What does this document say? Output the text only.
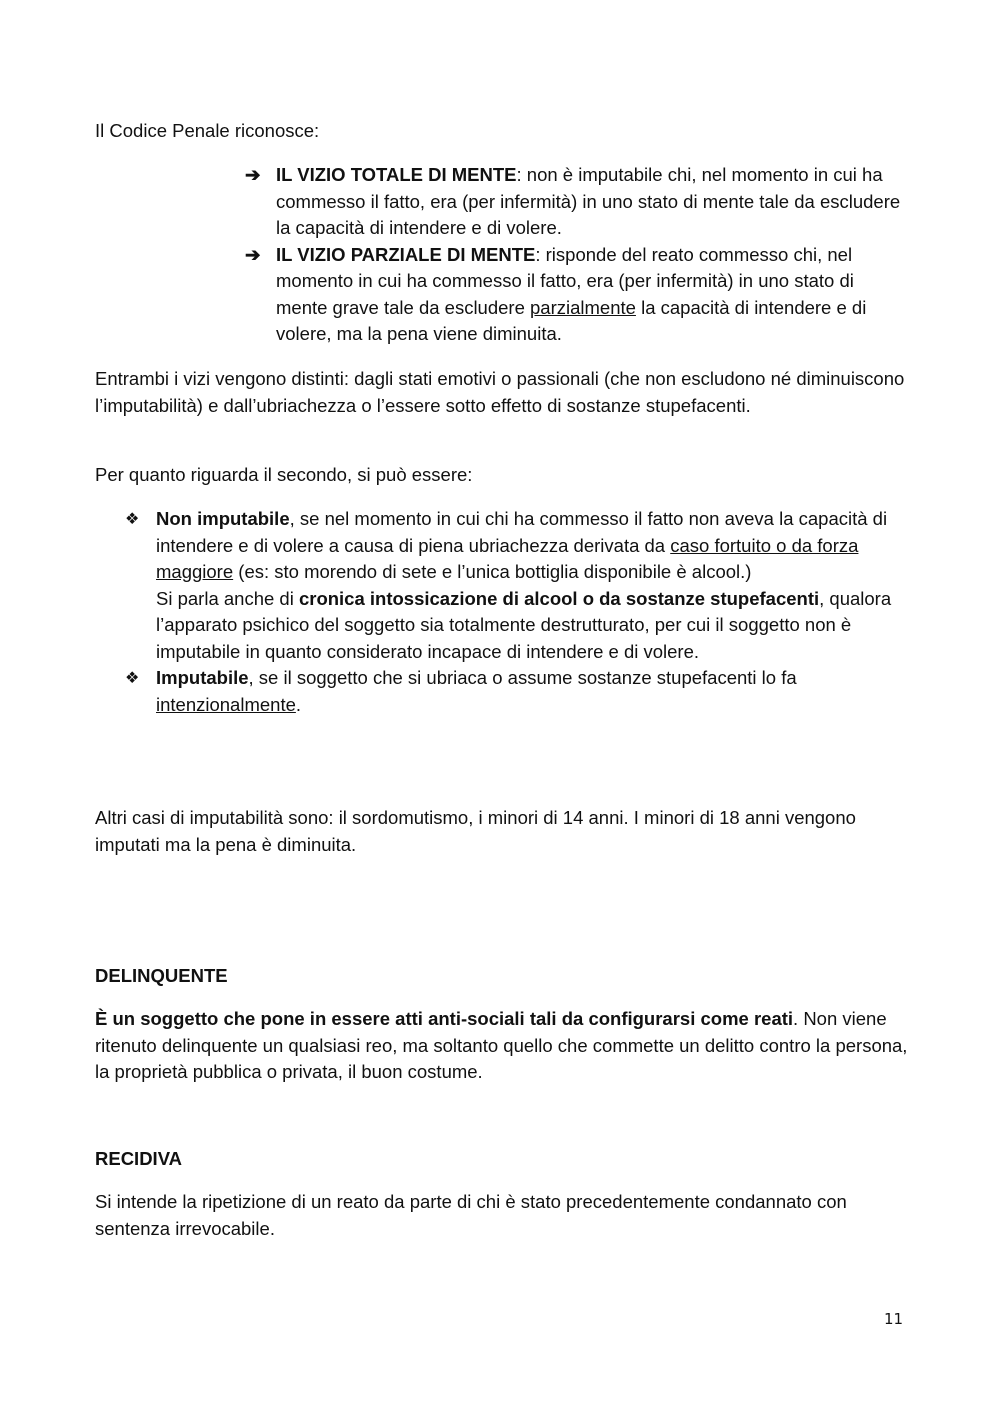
Il Codice Penale riconosce:

➔ IL VIZIO TOTALE DI MENTE: non è imputabile chi, nel momento in cui ha commesso il fatto, era (per infermità) in uno stato di mente tale da escludere la capacità di intendere e di volere.
➔ IL VIZIO PARZIALE DI MENTE: risponde del reato commesso chi, nel momento in cui ha commesso il fatto, era (per infermità) in uno stato di mente grave tale da escludere parzialmente la capacità di intendere e di volere, ma la pena viene diminuita.

Entrambi i vizi vengono distinti: dagli stati emotivi o passionali (che non escludono né diminuiscono l’imputabilità) e dall’ubriachezza o l’essere sotto effetto di sostanze stupefacenti.

Per quanto riguarda il secondo, si può essere:

❖ Non imputabile, se nel momento in cui chi ha commesso il fatto non aveva la capacità di intendere e di volere a causa di piena ubriachezza derivata da caso fortuito o da forza maggiore (es: sto morendo di sete e l’unica bottiglia disponibile è alcool.)
Si parla anche di cronica intossicazione di alcool o da sostanze stupefacenti, qualora l’apparato psichico del soggetto sia totalmente destrutturato, per cui il soggetto non è imputabile in quanto considerato incapace di intendere e di volere.
❖ Imputabile, se il soggetto che si ubriaca o assume sostanze stupefacenti lo fa intenzionalmente.

Altri casi di imputabilità sono: il sordomutismo, i minori di 14 anni. I minori di 18 anni vengono imputati ma la pena è diminuita.

DELINQUENTE

È un soggetto che pone in essere atti anti-sociali tali da configurarsi come reati. Non viene ritenuto delinquente un qualsiasi reo, ma soltanto quello che commette un delitto contro la persona, la proprietà pubblica o privata, il buon costume.

RECIDIVA

Si intende la ripetizione di un reato da parte di chi è stato precedentemente condannato con sentenza irrevocabile.

11
